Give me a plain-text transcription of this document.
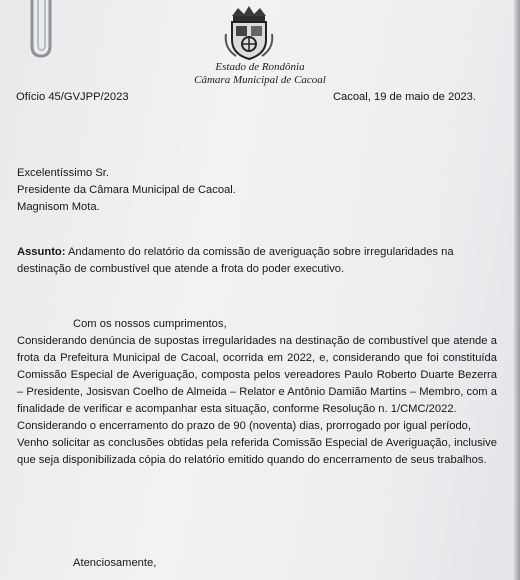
Estado de Rondônia
Câmara Municipal de Cacoal
Ofício 45/GVJPP/2023	Cacoal, 19 de maio de 2023.
Excelentíssimo Sr.
Presidente da Câmara Municipal de Cacoal.
Magnisom Mota.
Assunto: Andamento do relatório da comissão de averiguação sobre irregularidades na destinação de combustível que atende a frota do poder executivo.

Com os nossos cumprimentos,

Considerando denúncia de supostas irregularidades na destinação de combustível que atende a frota da Prefeitura Municipal de Cacoal, ocorrida em 2022, e, considerando que foi constituída Comissão Especial de Averiguação, composta pelos vereadores Paulo Roberto Duarte Bezerra – Presidente, Josisvan Coelho de Almeida – Relator e Antônio Damião Martins – Membro, com a finalidade de verificar e acompanhar esta situação, conforme Resolução n. 1/CMC/2022.

Considerando o encerramento do prazo de 90 (noventa) dias, prorrogado por igual período,

Venho solicitar as conclusões obtidas pela referida Comissão Especial de Averiguação, inclusive que seja disponibilizada cópia do relatório emitido quando do encerramento de seus trabalhos.

Atenciosamente,
